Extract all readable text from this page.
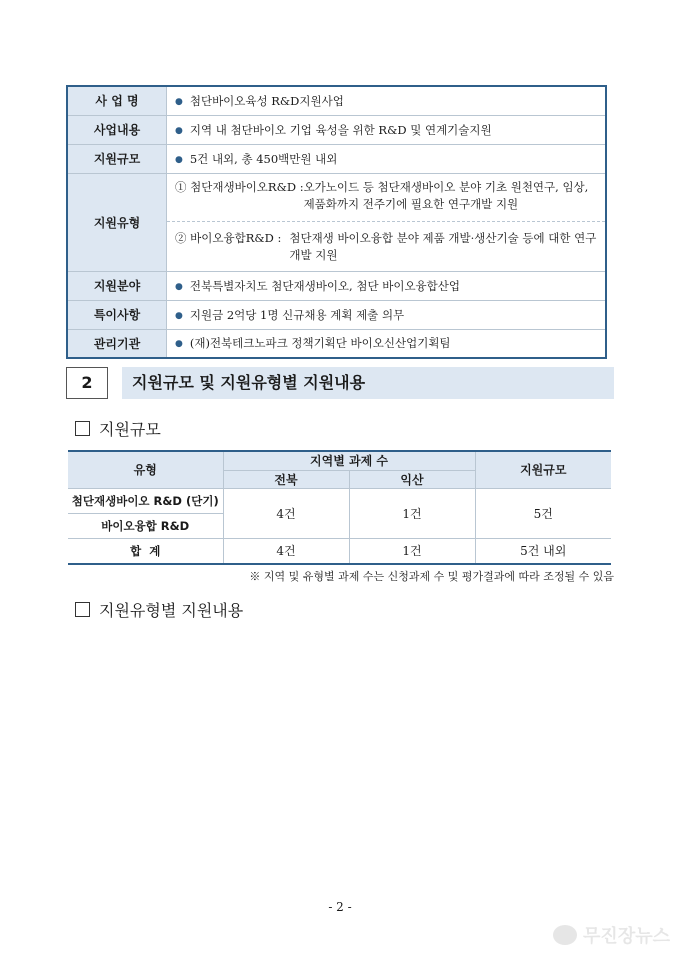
사 업 명	● 첨단바이오육성 R&D지원사업
사업내용	● 지역 내 첨단바이오 기업 육성을 위한 R&D 및 연계기술지원
지원규모	● 5건 내외, 총 450백만원 내외
지원유형	① 첨단재생바이오R&D : 오가노이드 등 첨단재생바이오 분야 기초 원천연구, 임상, 제품화까지 전주기에 필요한 연구개발 지원
② 바이오융합R&D : 첨단재생 바이오융합 분야 제품 개발·생산기술 등에 대한 연구개발 지원

지원분야	● 전북특별자치도 첨단재생바이오, 첨단 바이오융합산업
특이사항	● 지원금 2억당 1명 신규채용 계획 제출 의무
관리기관	● (재)전북테크노파크 정책기획단 바이오신산업기획팀
2	지원규모 및 지원유형별 지원내용
지원규모
유형	지역별 과제 수		지원규모
	전북	익산	
첨단재생바이오 R&D (단기)	4건	1건	5건
바이오융합 R&D			
합  계	4건	1건	5건 내외
※ 지역 및 유형별 과제 수는 신청과제 수 및 평가결과에 따라 조정될 수 있음
지원유형별 지원내용
- 2 -
무진장뉴스
